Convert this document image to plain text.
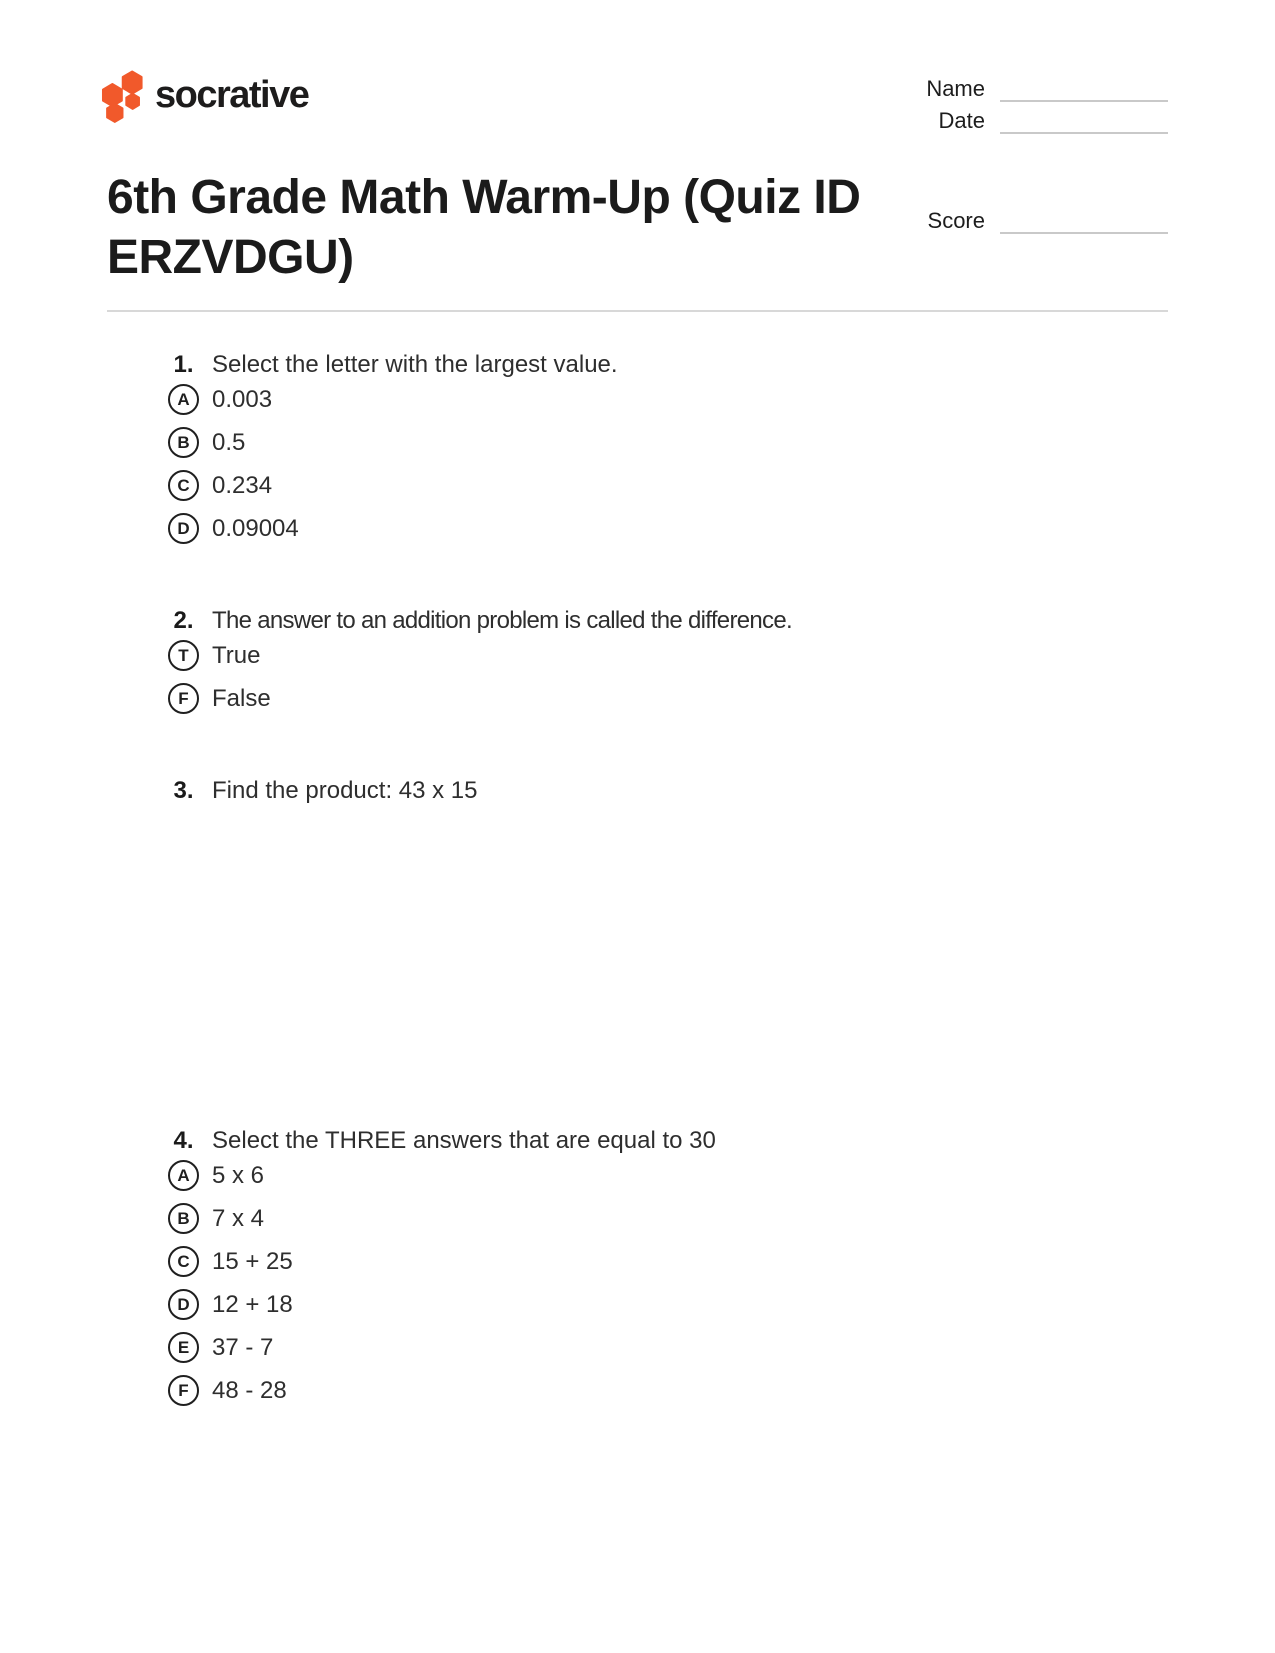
socrative	Name
Date
Score
6th Grade Math Warm-Up (Quiz ID ERZVDGU)
1. Select the letter with the largest value.
A 0.003
B 0.5
C 0.234
D 0.09004
2. The answer to an addition problem is called the difference.
T True
F False
3. Find the product: 43 x 15
4. Select the THREE answers that are equal to 30
A 5 x 6
B 7 x 4
C 15 + 25
D 12 + 18
E 37 - 7
F 48 - 28
